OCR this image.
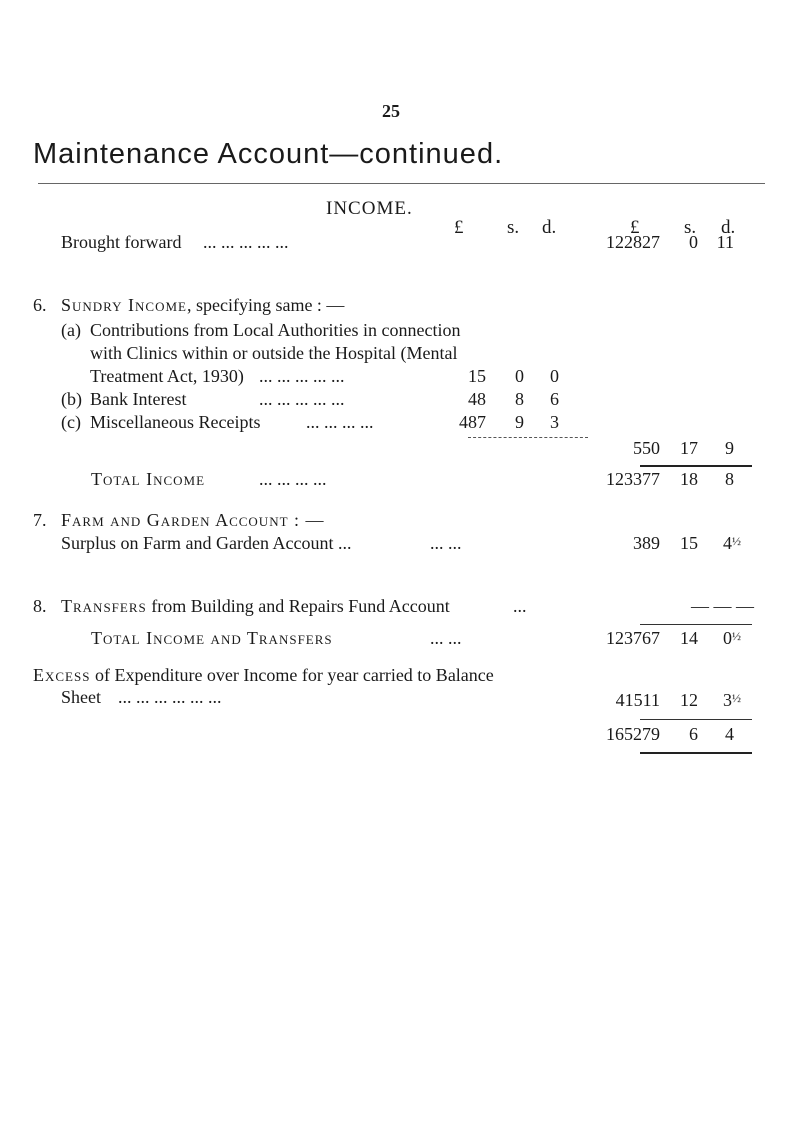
25
Maintenance Account—continued.
INCOME.
£ s. d.	£ s. d.
Brought forward ... ... ... ... ...	122827 0 11
6. Sundry Income, specifying same : —
(a) Contributions from Local Authorities in connection
with Clinics within or outside the Hospital (Mental
Treatment Act, 1930) ... ... ... ... ...	15 0 0
(b) Bank Interest	... ... ... ... ...	48 8 6
(c) Miscellaneous Receipts	... ... ... ...	487 9 3
550 17 9
Total Income	... ... ... ...	123377 18 8
7. Farm and Garden Account : —
Surplus on Farm and Garden Account ...	... ...	389 15 $4^{\frac{1}{2}}$
8. Transfers from Building and Repairs Fund Account	...	— — —
Total Income and Transfers	... ...	123767 14 $0^{\frac{1}{2}}$
Excess of Expenditure over Income for year carried to Balance
Sheet ... ... ... ... ... ...	41511 12 $3^{\frac{1}{2}}$
165279 6 4
